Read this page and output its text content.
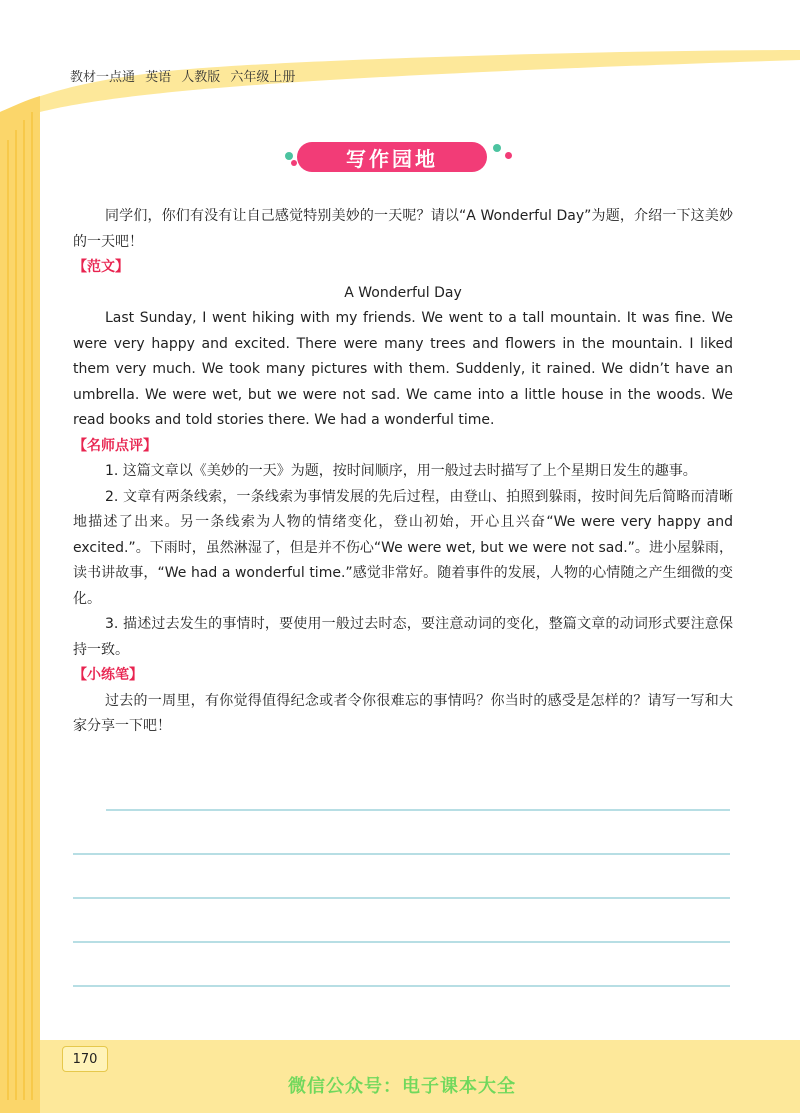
教材一点通 英语 人教版 六年级上册
写作园地

同学们，你们有没有让自己感觉特别美妙的一天呢？请以“A Wonderful Day”为题，介绍一下这美妙的一天吧！

【范文】

A Wonderful Day

Last Sunday, I went hiking with my friends. We went to a tall mountain. It was fine. We were very happy and excited. There were many trees and flowers in the mountain. I liked them very much. We took many pictures with them. Suddenly, it rained. We didn’t have an umbrella. We were wet, but we were not sad. We came into a little house in the woods. We read books and told stories there. We had a wonderful time.

【名师点评】

1. 这篇文章以《美妙的一天》为题，按时间顺序，用一般过去时描写了上个星期日发生的趣事。

2. 文章有两条线索，一条线索为事情发展的先后过程，由登山、拍照到躲雨，按时间先后简略而清晰地描述了出来。另一条线索为人物的情绪变化，登山初始，开心且兴奋“We were very happy and excited.”。下雨时，虽然淋湿了，但是并不伤心“We were wet, but we were not sad.”。进小屋躲雨，读书讲故事，“We had a wonderful time.”感觉非常好。随着事件的发展，人物的心情随之产生细微的变化。

3. 描述过去发生的事情时，要使用一般过去时态，要注意动词的变化，整篇文章的动词形式要注意保持一致。

【小练笔】

过去的一周里，有你觉得值得纪念或者令你很难忘的事情吗？你当时的感受是怎样的？请写一写和大家分享一下吧！

170
微信公众号：电子课本大全
